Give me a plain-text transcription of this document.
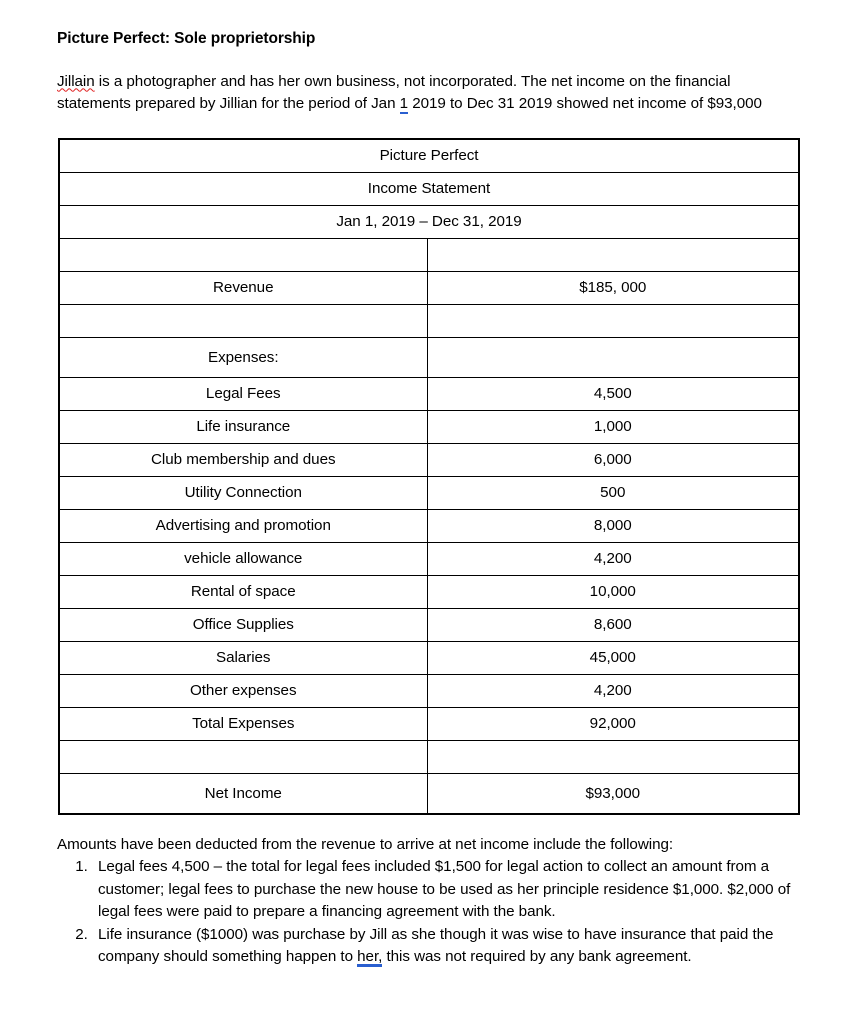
Picture Perfect: Sole proprietorship

Jillain is a photographer and has her own business, not incorporated. The net income on the financial statements prepared by Jillian for the period of Jan 1 2019 to Dec 31 2019 showed net income of $93,000

Picture Perfect	
Income Statement	
Jan 1, 2019 – Dec 31, 2019	

Revenue	$185, 000

Expenses:	
Legal Fees	4,500
Life insurance	1,000
Club membership and dues	6,000
Utility Connection	500
Advertising and promotion	8,000
vehicle allowance	4,200
Rental of space	10,000
Office Supplies	8,600
Salaries	45,000
Other expenses	4,200
Total Expenses	92,000

Net Income	$93,000

Amounts have been deducted from the revenue to arrive at net income include the following:

1. Legal fees 4,500 – the total for legal fees included $1,500 for legal action to collect an amount from a customer; legal fees to purchase the new house to be used as her principle residence $1,000. $2,000 of legal fees were paid to prepare a financing agreement with the bank.
2. Life insurance ($1000) was purchase by Jill as she though it was wise to have insurance that paid the company should something happen to her, this was not required by any bank agreement.
